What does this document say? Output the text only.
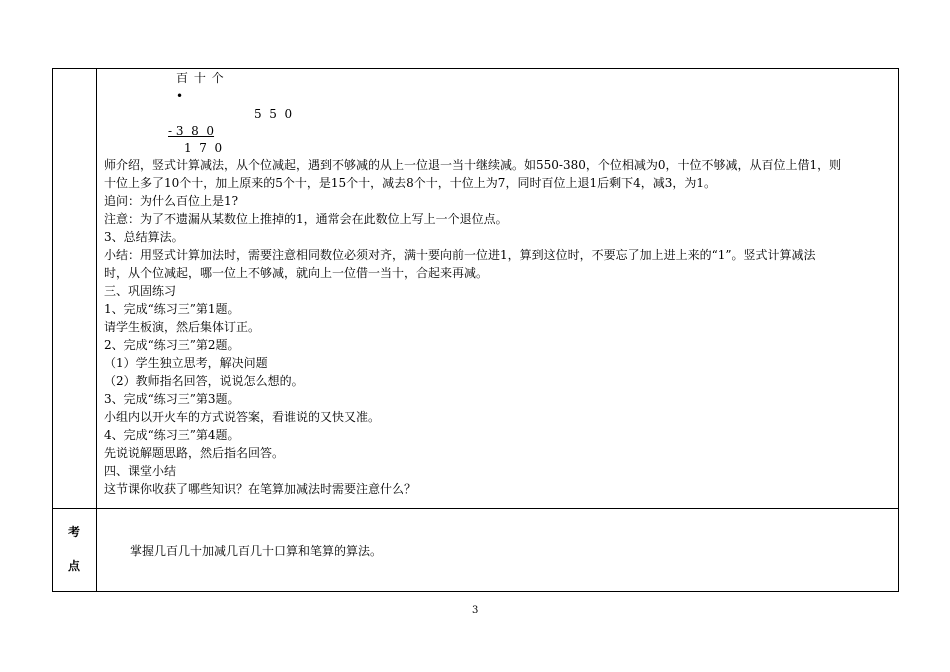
百 十 个
•
5  5  0
- 3  8  0
1  7  0
师介绍，竖式计算减法，从个位减起，遇到不够减的从上一位退一当十继续减。如550-380，个位相减为0，十位不够减，从百位上借1，则
十位上多了10个十，加上原来的5个十，是15个十，减去8个十，十位上为7，同时百位上退1后剩下4，减3，为1。
追问：为什么百位上是1?
注意：为了不遗漏从某数位上推掉的1，通常会在此数位上写上一个退位点。
3、总结算法。
小结：用竖式计算加法时，需要注意相同数位必须对齐，满十要向前一位进1，算到这位时，不要忘了加上进上来的“1”。竖式计算减法
时，从个位减起，哪一位上不够减，就向上一位借一当十，合起来再减。
三、巩固练习
1、完成“练习三”第1题。
请学生板演，然后集体订正。
2、完成“练习三”第2题。
（1）学生独立思考，解决问题
（2）教师指名回答，说说怎么想的。
3、完成“练习三”第3题。
小组内以开火车的方式说答案，看谁说的又快又准。
4、完成“练习三”第4题。
先说说解题思路，然后指名回答。
四、课堂小结
这节课你收获了哪些知识？在笔算加减法时需要注意什么？
考
点
掌握几百几十加减几百几十口算和笔算的算法。
3
